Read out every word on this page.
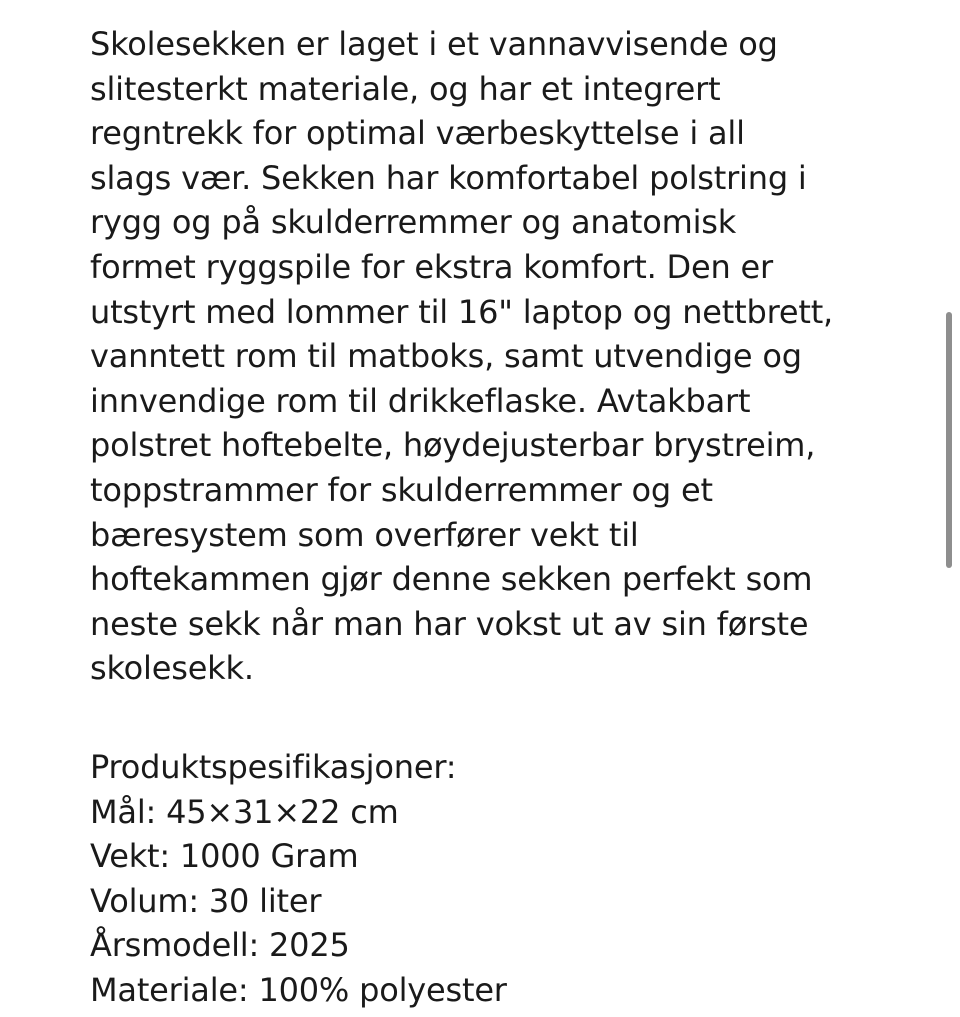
Skolesekken er laget i et vannavvisende og
slitesterkt materiale, og har et integrert
regntrekk for optimal værbeskyttelse i all
slags vær. Sekken har komfortabel polstring i
rygg og på skulderremmer og anatomisk
formet ryggspile for ekstra komfort. Den er
utstyrt med lommer til 16" laptop og nettbrett,
vanntett rom til matboks, samt utvendige og
innvendige rom til drikkeflaske. Avtakbart
polstret hoftebelte, høydejusterbar brystreim,
toppstrammer for skulderremmer og et
bæresystem som overfører vekt til
hoftekammen gjør denne sekken perfekt som
neste sekk når man har vokst ut av sin første
skolesekk.
Produktspesifikasjoner:
Mål: 45×31×22 cm
Vekt: 1000 Gram
Volum: 30 liter
Årsmodell: 2025
Materiale: 100% polyester
